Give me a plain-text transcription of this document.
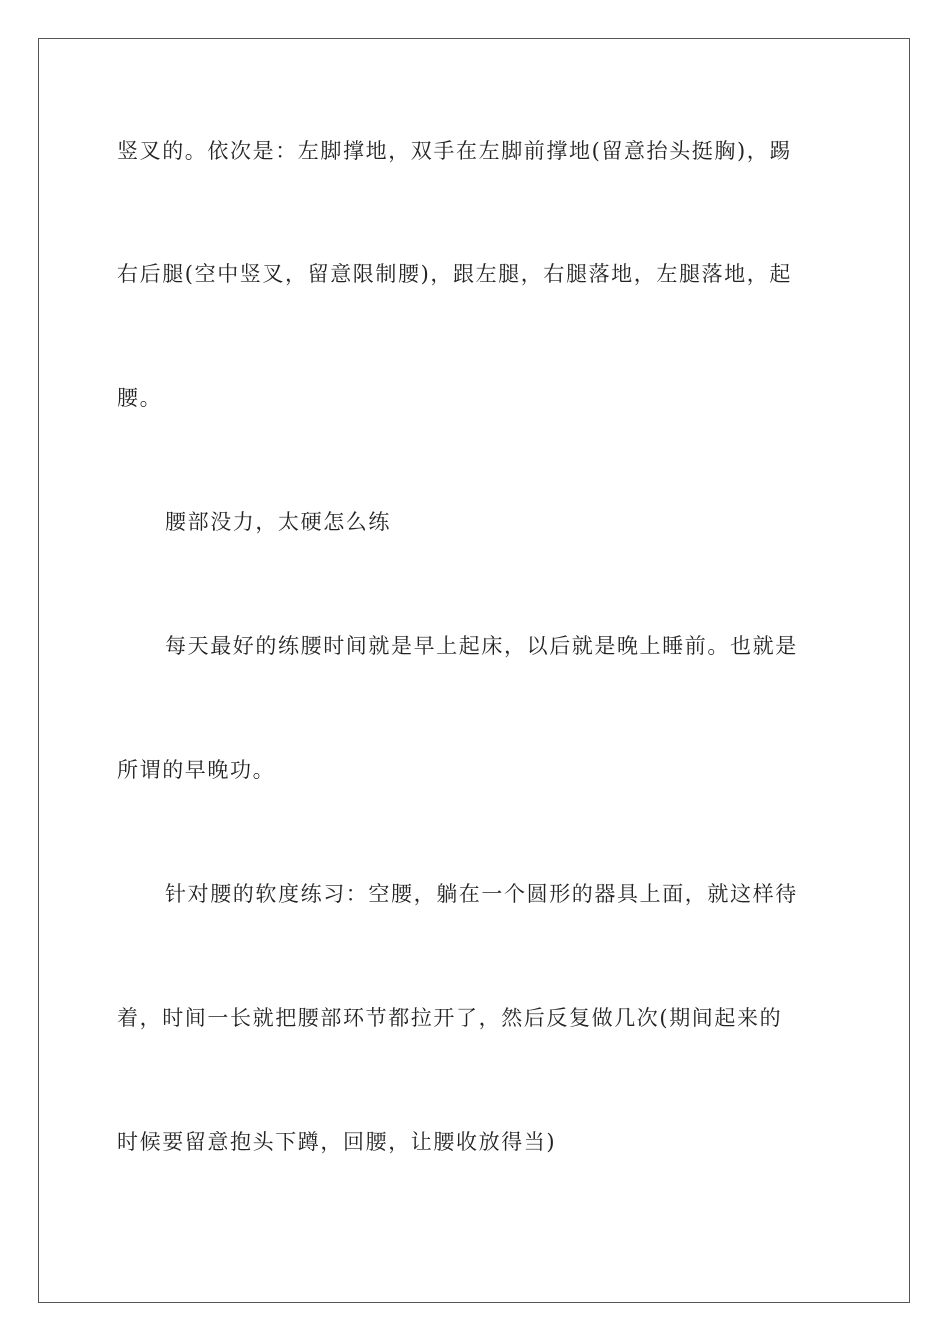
竖叉的。依次是：左脚撑地，双手在左脚前撑地(留意抬头挺胸)，踢
右后腿(空中竖叉，留意限制腰)，跟左腿，右腿落地，左腿落地，起
腰。
腰部没力，太硬怎么练
每天最好的练腰时间就是早上起床，以后就是晚上睡前。也就是
所谓的早晚功。
针对腰的软度练习：空腰，躺在一个圆形的器具上面，就这样待
着，时间一长就把腰部环节都拉开了，然后反复做几次(期间起来的
时候要留意抱头下蹲，回腰，让腰收放得当)
